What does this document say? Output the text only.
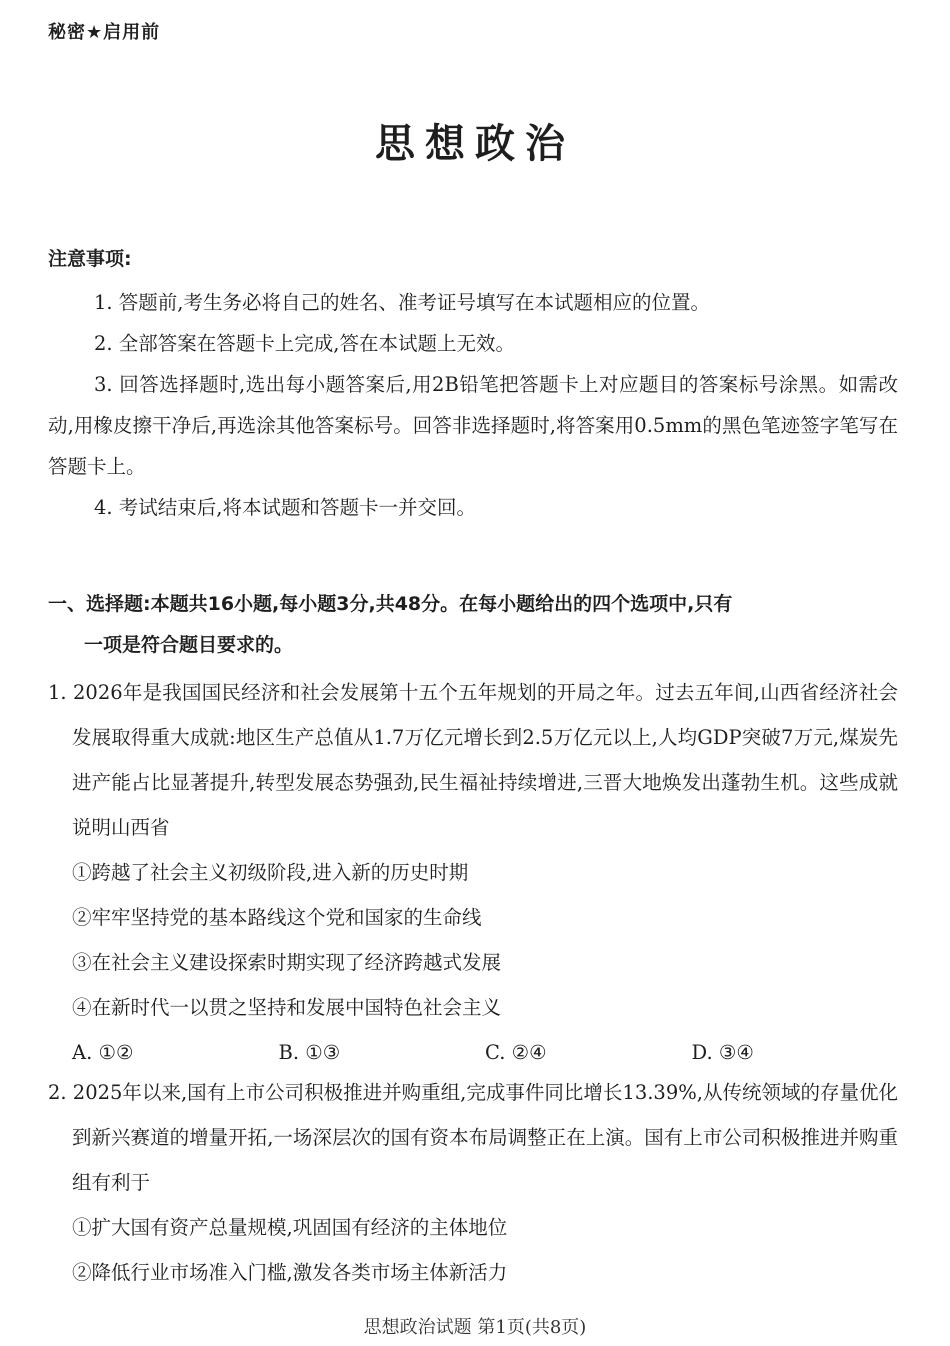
秘密★启用前
思想政治
注意事项:

1. 答题前,考生务必将自己的姓名、准考证号填写在本试题相应的位置。

2. 全部答案在答题卡上完成,答在本试题上无效。

3. 回答选择题时,选出每小题答案后,用2B铅笔把答题卡上对应题目的答案标号涂黑。如需改动,用橡皮擦干净后,再选涂其他答案标号。回答非选择题时,将答案用0.5mm的黑色笔迹签字笔写在答题卡上。

4. 考试结束后,将本试题和答题卡一并交回。

一、选择题:本题共16小题,每小题3分,共48分。在每小题给出的四个选项中,只有
一项是符合题目要求的。

1. 2026年是我国国民经济和社会发展第十五个五年规划的开局之年。过去五年间,山西省经济社会发展取得重大成就:地区生产总值从1.7万亿元增长到2.5万亿元以上,人均GDP突破7万元,煤炭先进产能占比显著提升,转型发展态势强劲,民生福祉持续增进,三晋大地焕发出蓬勃生机。这些成就说明山西省

①跨越了社会主义初级阶段,进入新的历史时期

②牢牢坚持党的基本路线这个党和国家的生命线

③在社会主义建设探索时期实现了经济跨越式发展

④在新时代一以贯之坚持和发展中国特色社会主义

A. ①②	B. ①③	C. ②④	D. ③④

2. 2025年以来,国有上市公司积极推进并购重组,完成事件同比增长13.39%,从传统领域的存量优化到新兴赛道的增量开拓,一场深层次的国有资本布局调整正在上演。国有上市公司积极推进并购重组有利于

①扩大国有资产总量规模,巩固国有经济的主体地位

②降低行业市场准入门槛,激发各类市场主体新活力

思想政治试题 第1页(共8页)
